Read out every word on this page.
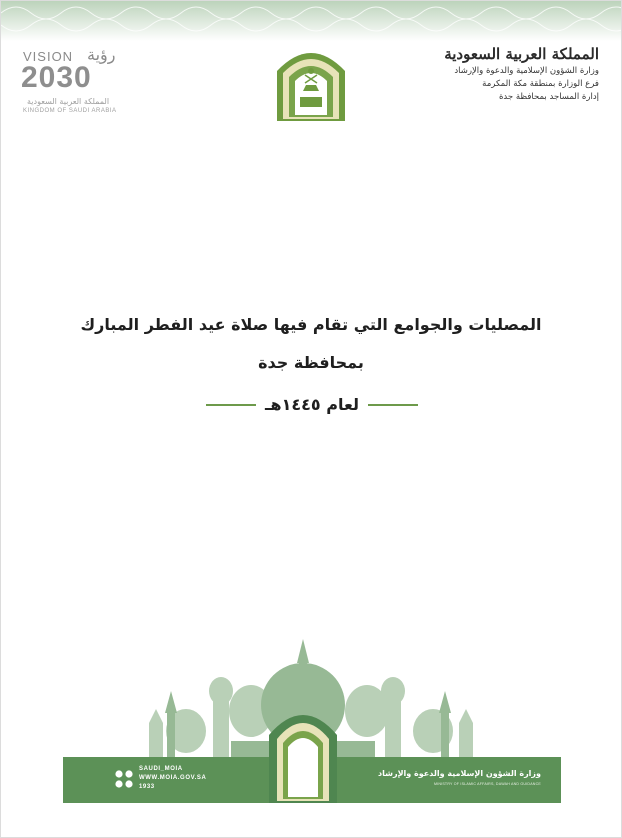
VISION رؤية
2030
المملكة العربية السعودية
KINGDOM OF SAUDI ARABIA
المملكة العربية السعودية
وزارة الشؤون الإسلامية والدعوة والإرشاد
فرع الوزارة بمنطقة مكة المكرمة
إدارة المساجد بمحافظة جدة
المصليات والجوامع التي تقام فيها صلاة عيد الفطر المبارك
بمحافظة جدة
لعام ١٤٤٥هـ
SAUDI_MOIA
WWW.MOIA.GOV.SA
1933
وزارة الشؤون الإسلامية والدعوة والإرشاد
MINISTRY OF ISLAMIC AFFAIRS, DAWAH AND GUIDANCE
